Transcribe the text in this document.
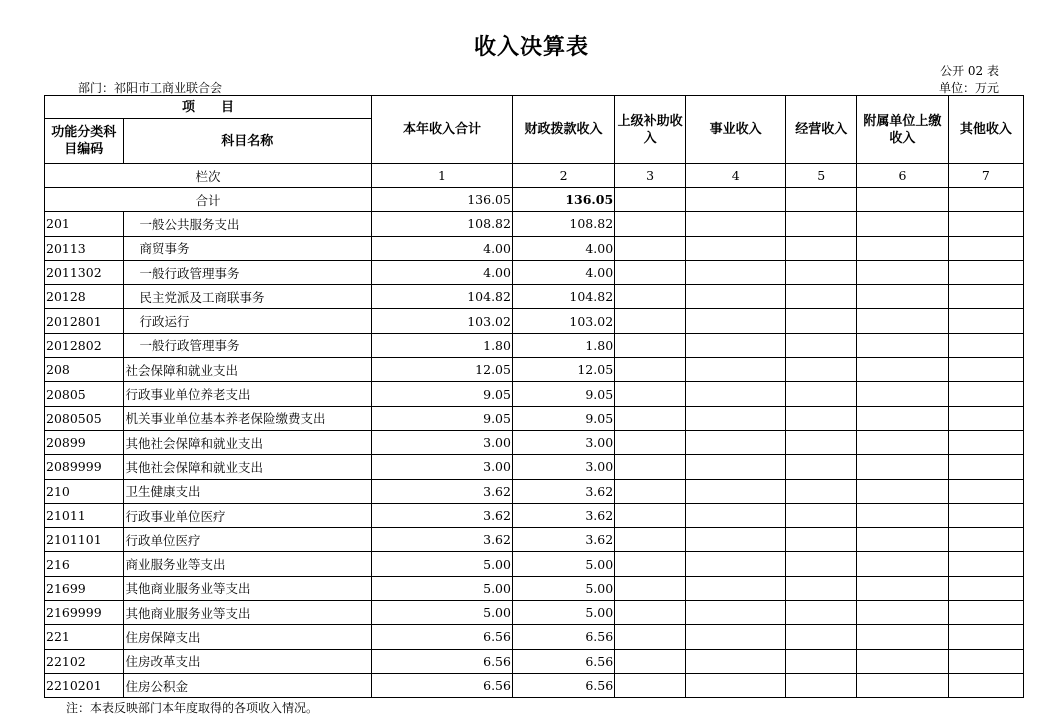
收入决算表
公开 02 表
部门：祁阳市工商业联合会	单位：万元
项　　目		本年收入合计	财政拨款收入	上级补助收入	事业收入	经营收入	附属单位上缴收入	其他收入
功能分类科目编码	科目名称							
栏次		1	2	3	4	5	6	7
合计		136.05	136.05					
201	一般公共服务支出	108.82	108.82					
20113	商贸事务	4.00	4.00					
2011302	一般行政管理事务	4.00	4.00					
20128	民主党派及工商联事务	104.82	104.82					
2012801	行政运行	103.02	103.02					
2012802	一般行政管理事务	1.80	1.80					
208	社会保障和就业支出	12.05	12.05					
20805	行政事业单位养老支出	9.05	9.05					
2080505	机关事业单位基本养老保险缴费支出	9.05	9.05					
20899	其他社会保障和就业支出	3.00	3.00					
2089999	其他社会保障和就业支出	3.00	3.00					
210	卫生健康支出	3.62	3.62					
21011	行政事业单位医疗	3.62	3.62					
2101101	行政单位医疗	3.62	3.62					
216	商业服务业等支出	5.00	5.00					
21699	其他商业服务业等支出	5.00	5.00					
2169999	其他商业服务业等支出	5.00	5.00					
221	住房保障支出	6.56	6.56					
22102	住房改革支出	6.56	6.56					
2210201	住房公积金	6.56	6.56					
注：本表反映部门本年度取得的各项收入情况。
